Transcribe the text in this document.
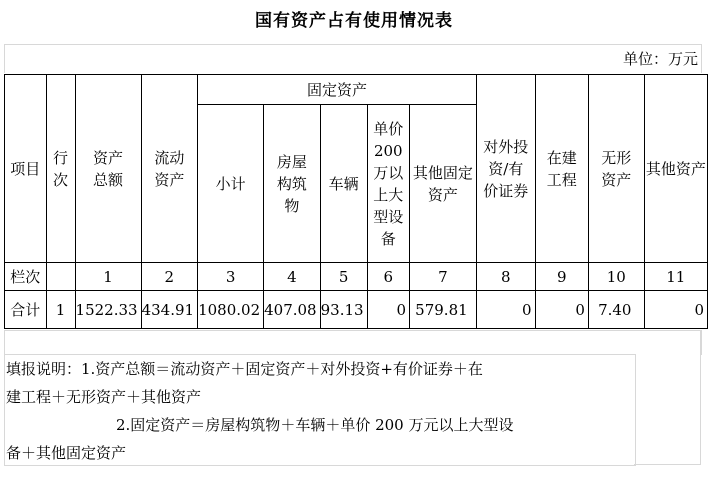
国有资产占有使用情况表
单位：万元
项目	行次	资产总额	流动资产	固定资产					对外投资/有价证券	在建工程	无形资产	其他资产

				小计	房屋构筑物	车辆	单价200万以上大型设备	其他固定资产				

栏次		1	2	3	4	5	6	7	8	9	10	11
合计	1	1522.33	434.91	1080.02	407.08	93.13	0	579.81	0	0	7.40	0
填报说明：1.资产总额＝流动资产＋固定资产＋对外投资+有价证券＋在
建工程＋无形资产＋其他资产
2.固定资产＝房屋构筑物＋车辆＋单价 200 万元以上大型设
备＋其他固定资产
